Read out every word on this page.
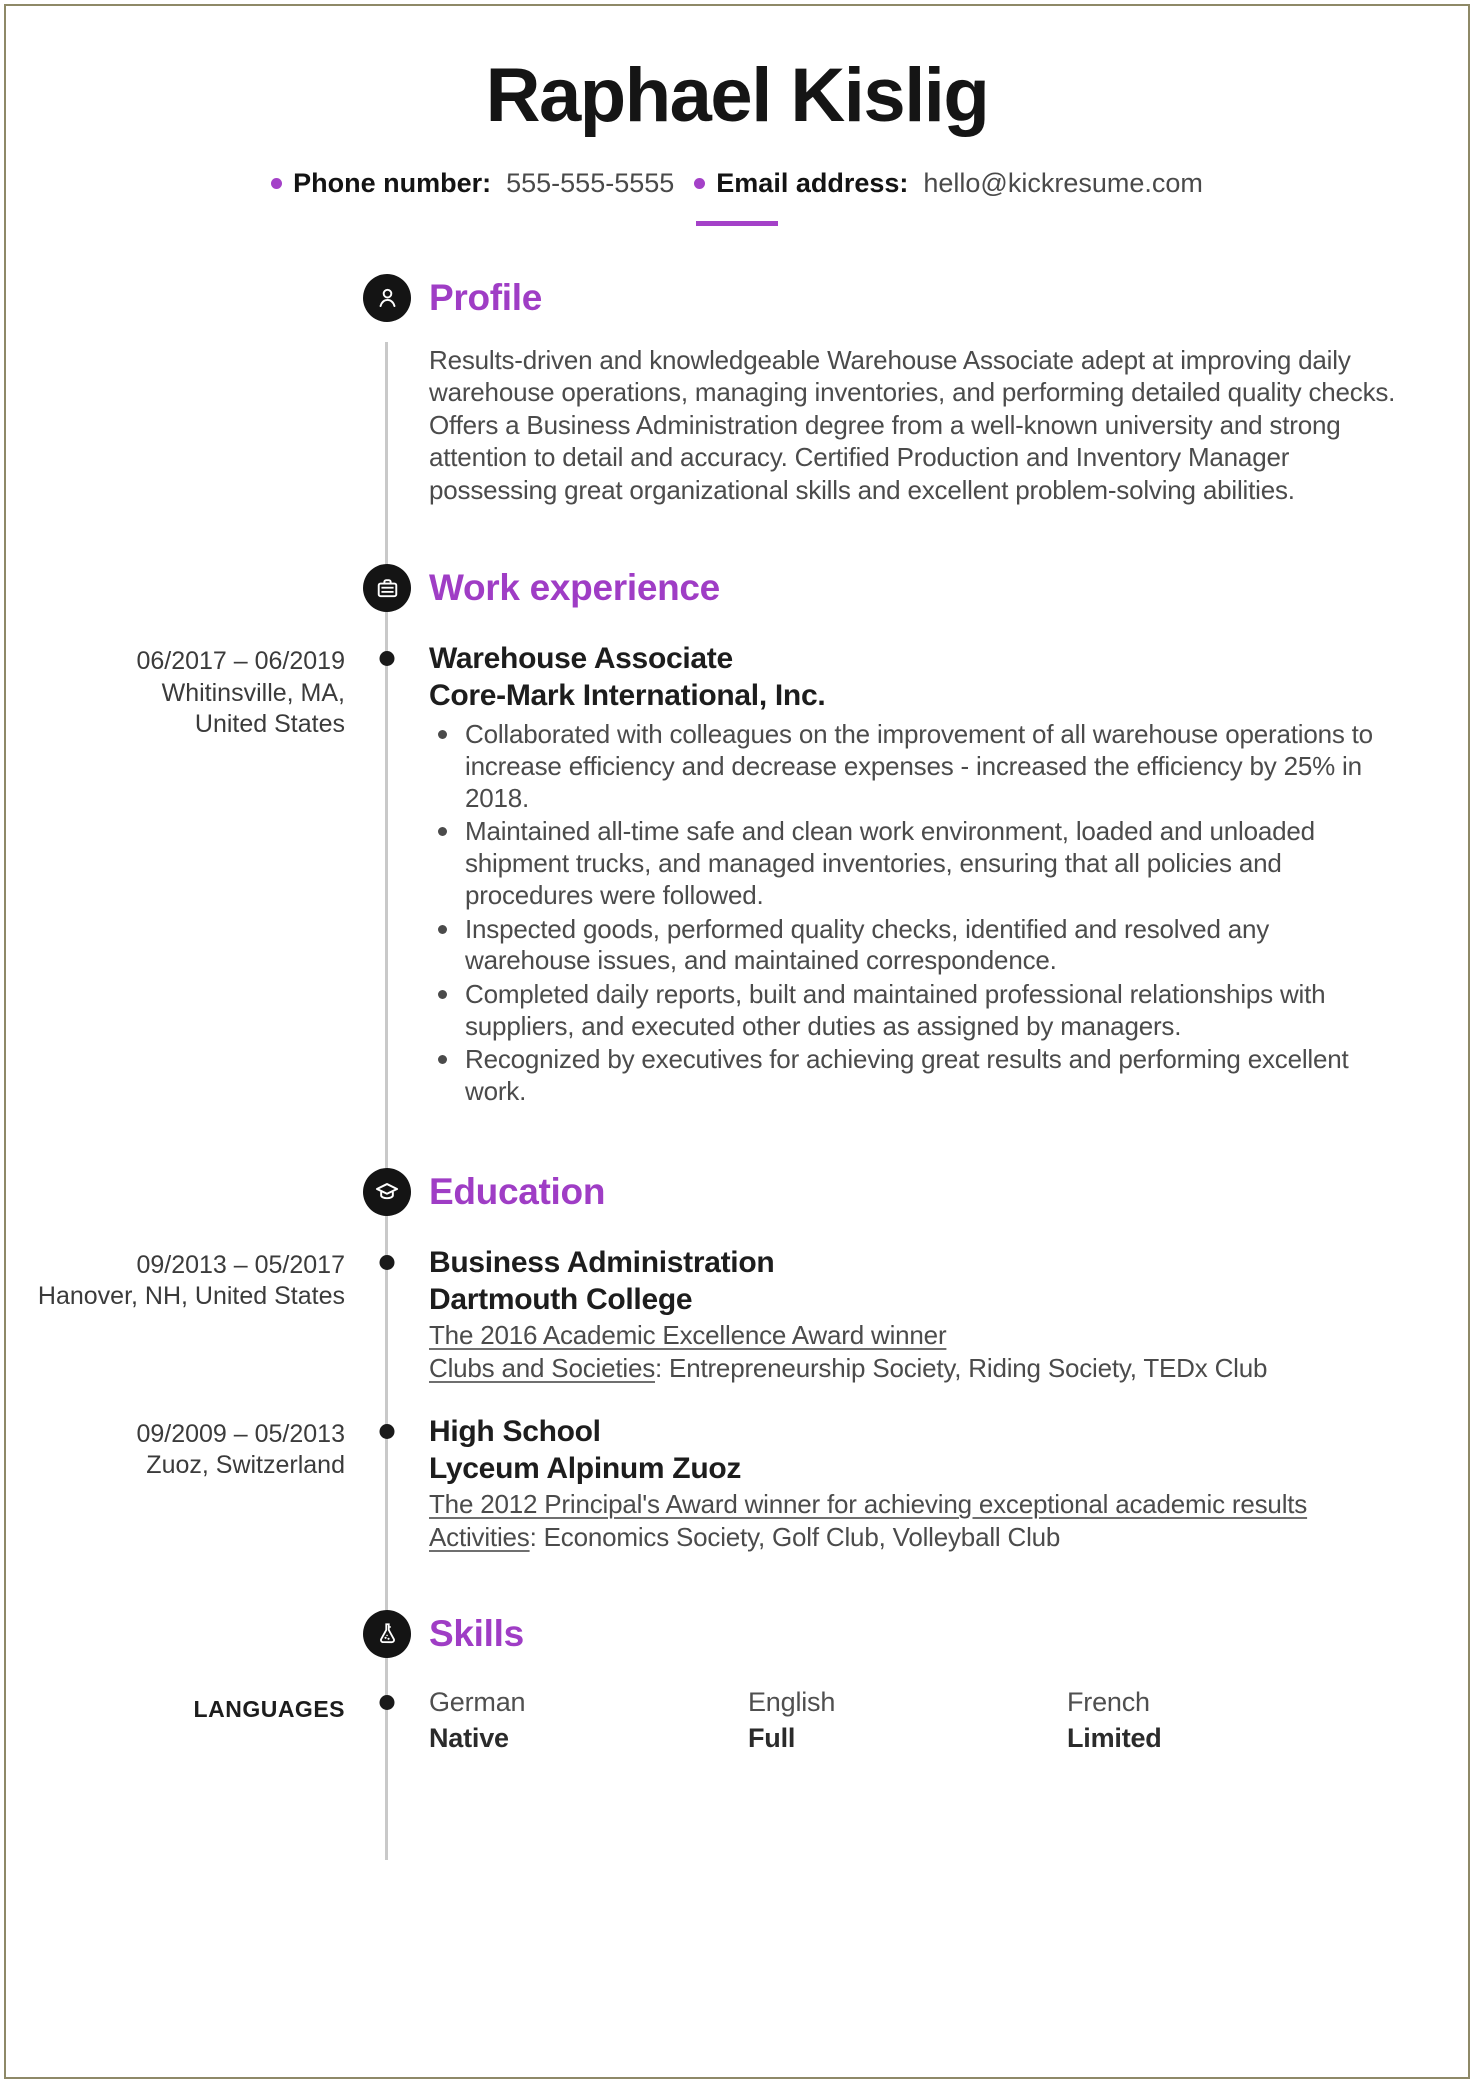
Raphael Kislig
Phone number: 555-555-5555 Email address: hello@kickresume.com
Profile

Results-driven and knowledgeable Warehouse Associate adept at improving daily warehouse operations, managing inventories, and performing detailed quality checks. Offers a Business Administration degree from a well-known university and strong attention to detail and accuracy. Certified Production and Inventory Manager possessing great organizational skills and excellent problem-solving abilities.

Work experience
06/2017 – 06/2019
Whitinsville, MA,
United States
Warehouse Associate
Core-Mark International, Inc.
Collaborated with colleagues on the improvement of all warehouse operations to increase efficiency and decrease expenses - increased the efficiency by 25% in 2018.
Maintained all-time safe and clean work environment, loaded and unloaded shipment trucks, and managed inventories, ensuring that all policies and procedures were followed.
Inspected goods, performed quality checks, identified and resolved any warehouse issues, and maintained correspondence.
Completed daily reports, built and maintained professional relationships with suppliers, and executed other duties as assigned by managers.
Recognized by executives for achieving great results and performing excellent work.
Education
09/2013 – 05/2017
Hanover, NH, United States
Business Administration
Dartmouth College
The 2016 Academic Excellence Award winner
Clubs and Societies: Entrepreneurship Society, Riding Society, TEDx Club
09/2009 – 05/2013
Zuoz, Switzerland
High School
Lyceum Alpinum Zuoz
The 2012 Principal's Award winner for achieving exceptional academic results
Activities: Economics Society, Golf Club, Volleyball Club
Skills
LANGUAGES	German
Native
English
Full
French
Limited
